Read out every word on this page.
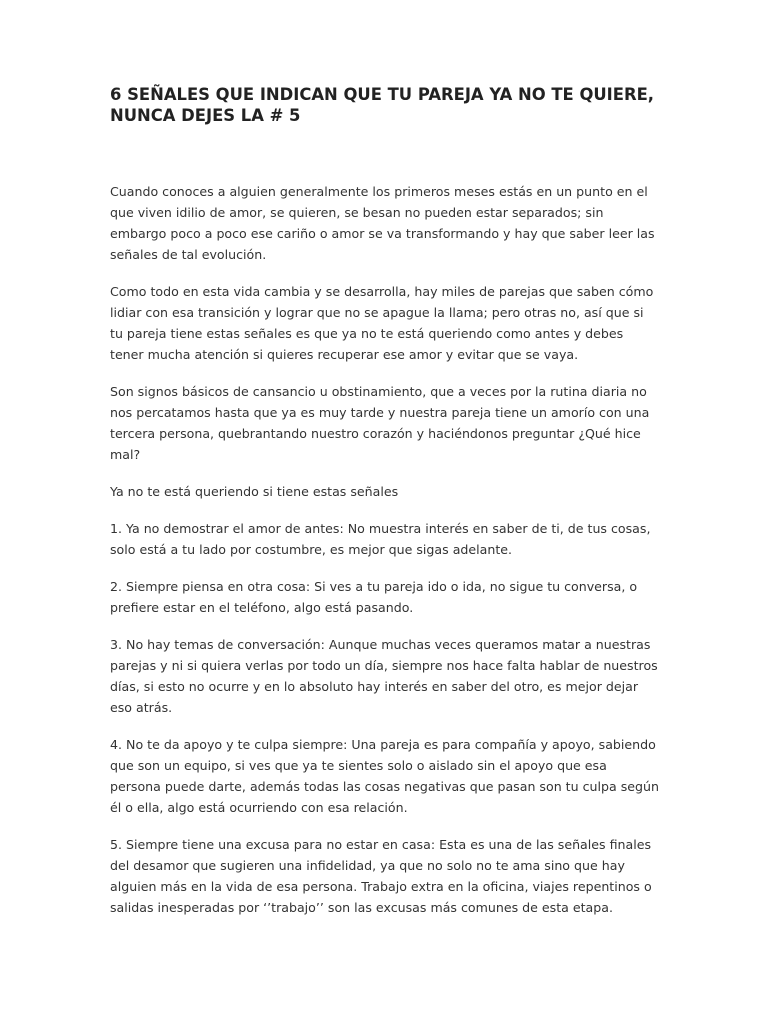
6 SEÑALES QUE INDICAN QUE TU PAREJA YA NO TE QUIERE, NUNCA DEJES LA # 5

Cuando conoces a alguien generalmente los primeros meses estás en un punto en el que viven idilio de amor, se quieren, se besan no pueden estar separados; sin embargo poco a poco ese cariño o amor se va transformando y hay que saber leer las señales de tal evolución.

Como todo en esta vida cambia y se desarrolla, hay miles de parejas que saben cómo lidiar con esa transición y lograr que no se apague la llama; pero otras no, así que si tu pareja tiene estas señales es que ya no te está queriendo como antes y debes tener mucha atención si quieres recuperar ese amor y evitar que se vaya.

Son signos básicos de cansancio u obstinamiento, que a veces por la rutina diaria no nos percatamos hasta que ya es muy tarde y nuestra pareja tiene un amorío con una tercera persona, quebrantando nuestro corazón y haciéndonos preguntar ¿Qué hice mal?

Ya no te está queriendo si tiene estas señales

1. Ya no demostrar el amor de antes: No muestra interés en saber de ti, de tus cosas, solo está a tu lado por costumbre, es mejor que sigas adelante.

2. Siempre piensa en otra cosa: Si ves a tu pareja ido o ida, no sigue tu conversa, o prefiere estar en el teléfono, algo está pasando.

3. No hay temas de conversación: Aunque muchas veces queramos matar a nuestras parejas y ni si quiera verlas por todo un día, siempre nos hace falta hablar de nuestros días, si esto no ocurre y en lo absoluto hay interés en saber del otro, es mejor dejar eso atrás.

4. No te da apoyo y te culpa siempre: Una pareja es para compañía y apoyo, sabiendo que son un equipo, si ves que ya te sientes solo o aislado sin el apoyo que esa persona puede darte, además todas las cosas negativas que pasan son tu culpa según él o ella, algo está ocurriendo con esa relación.

5. Siempre tiene una excusa para no estar en casa: Esta es una de las señales finales del desamor que sugieren una infidelidad, ya que no solo no te ama sino que hay alguien más en la vida de esa persona. Trabajo extra en la oficina, viajes repentinos o salidas inesperadas por ‘’trabajo’’ son las excusas más comunes de esta etapa.
